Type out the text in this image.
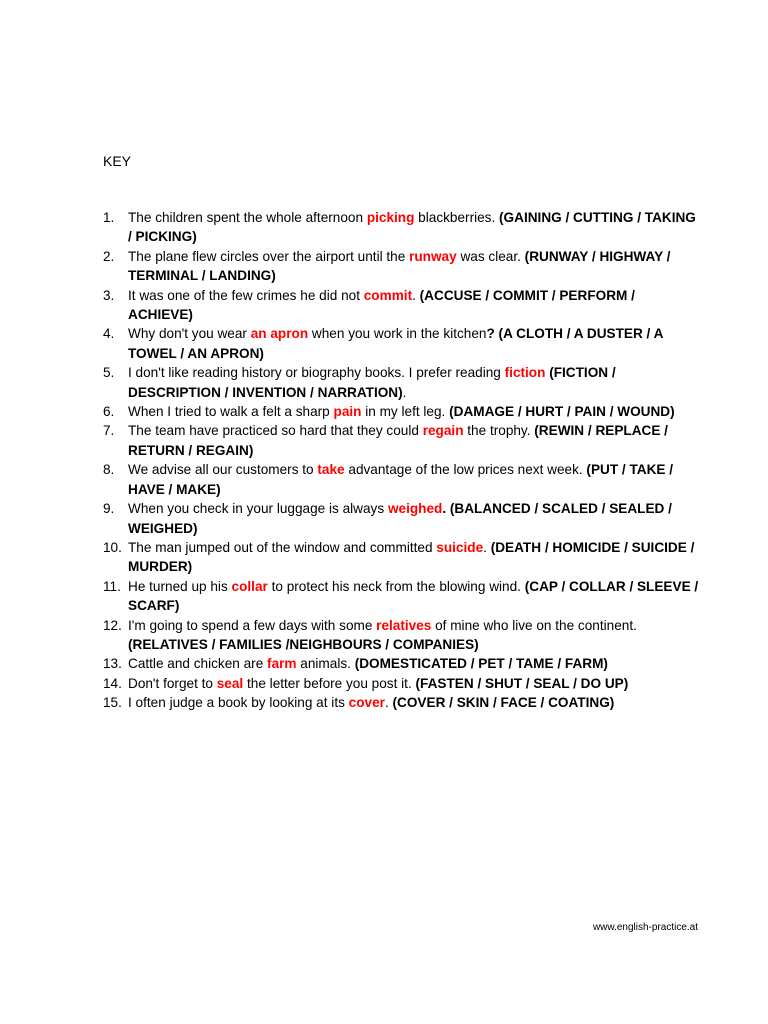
KEY
1. The children spent the whole afternoon picking blackberries. (GAINING / CUTTING / TAKING / PICKING)
2. The plane flew circles over the airport until the runway was clear. (RUNWAY / HIGHWAY / TERMINAL / LANDING)
3. It was one of the few crimes he did not commit. (ACCUSE / COMMIT / PERFORM / ACHIEVE)
4. Why don't you wear an apron when you work in the kitchen? (A CLOTH / A DUSTER / A TOWEL / AN APRON)
5. I don't like reading history or biography books. I prefer reading fiction (FICTION / DESCRIPTION / INVENTION / NARRATION).
6. When I tried to walk a felt a sharp pain in my left leg. (DAMAGE / HURT / PAIN / WOUND)
7. The team have practiced so hard that they could regain the trophy. (REWIN / REPLACE / RETURN / REGAIN)
8. We advise all our customers to take advantage of the low prices next week. (PUT / TAKE / HAVE / MAKE)
9. When you check in your luggage is always weighed. (BALANCED / SCALED / SEALED / WEIGHED)
10. The man jumped out of the window and committed suicide. (DEATH / HOMICIDE / SUICIDE / MURDER)
11. He turned up his collar to protect his neck from the blowing wind. (CAP / COLLAR / SLEEVE / SCARF)
12. I'm going to spend a few days with some relatives of mine who live on the continent. (RELATIVES / FAMILIES /NEIGHBOURS / COMPANIES)
13. Cattle and chicken are farm animals. (DOMESTICATED / PET / TAME / FARM)
14. Don't forget to seal the letter before you post it. (FASTEN / SHUT / SEAL / DO UP)
15. I often judge a book by looking at its cover. (COVER / SKIN / FACE / COATING)
www.english-practice.at
